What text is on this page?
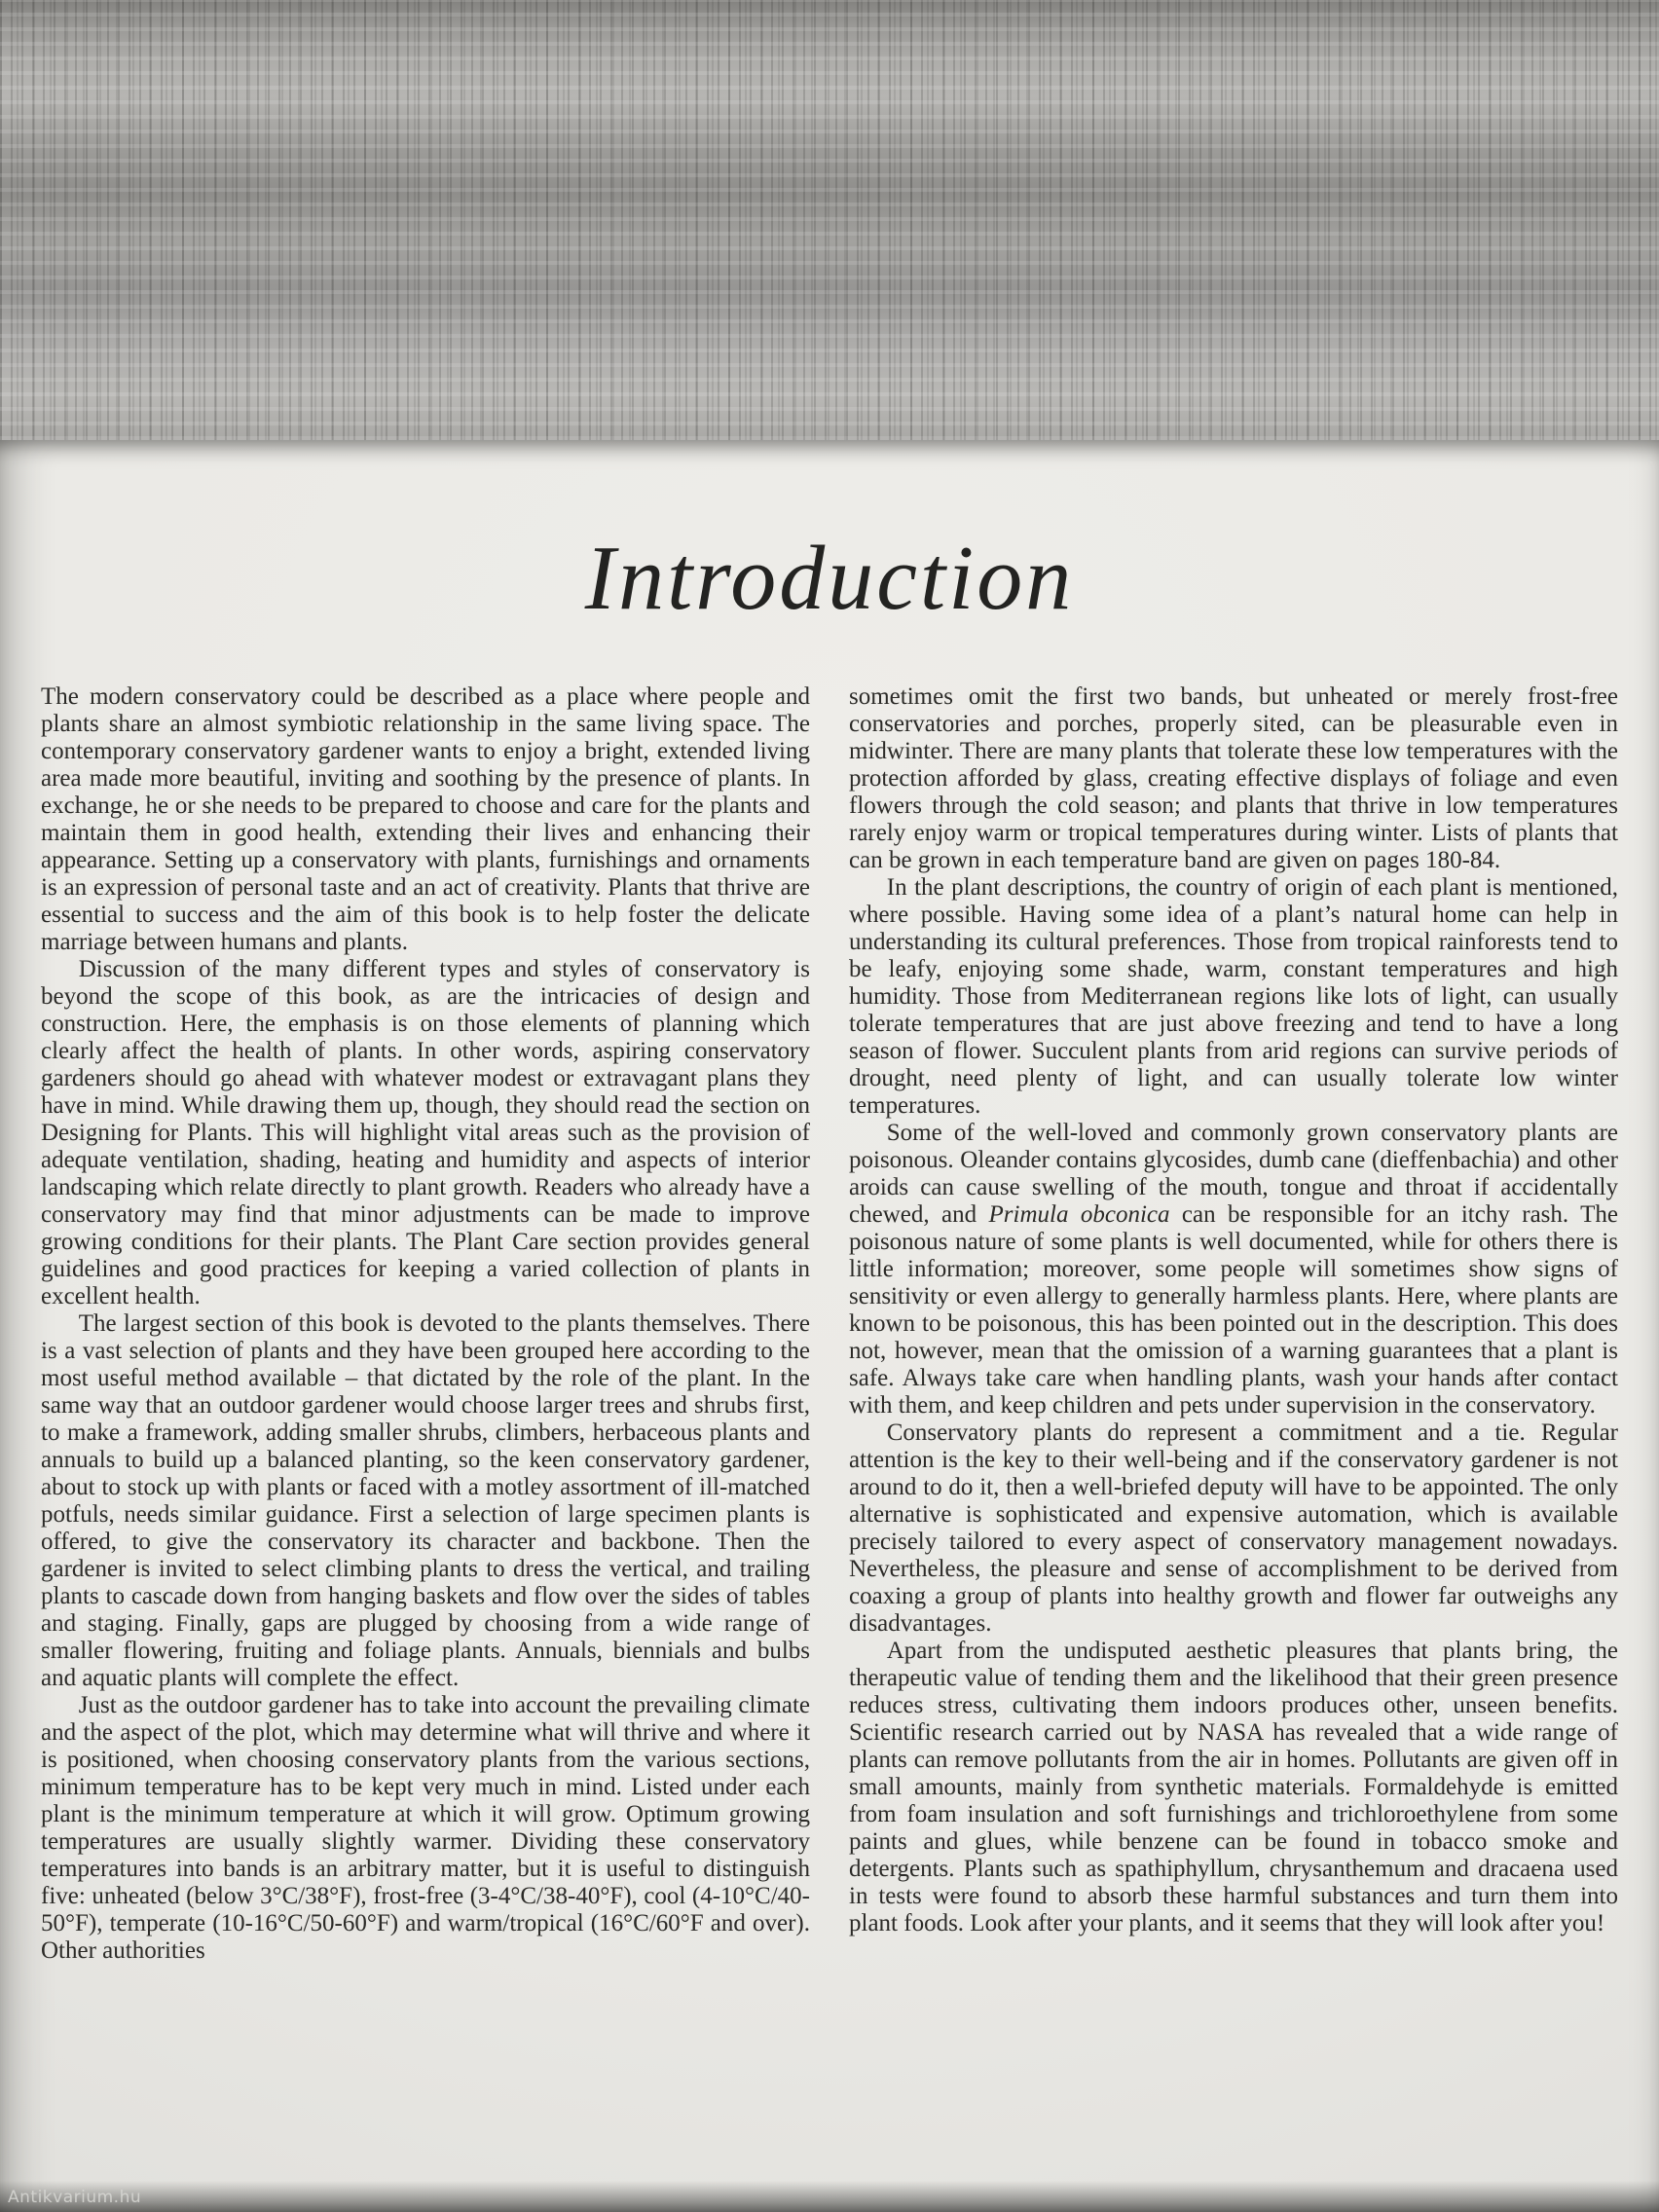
Introduction

The modern conservatory could be described as a place where people and plants share an almost symbiotic relationship in the same living space. The contemporary conservatory gardener wants to enjoy a bright, extended living area made more beautiful, inviting and soothing by the presence of plants. In exchange, he or she needs to be prepared to choose and care for the plants and maintain them in good health, extending their lives and enhancing their appearance. Setting up a conservatory with plants, furnishings and ornaments is an expression of personal taste and an act of creativity. Plants that thrive are essential to success and the aim of this book is to help foster the delicate marriage between humans and plants.

Discussion of the many different types and styles of conservatory is beyond the scope of this book, as are the intricacies of design and construction. Here, the emphasis is on those elements of planning which clearly affect the health of plants. In other words, aspiring conservatory gardeners should go ahead with whatever modest or extravagant plans they have in mind. While drawing them up, though, they should read the section on Designing for Plants. This will highlight vital areas such as the provision of adequate ventilation, shading, heating and humidity and aspects of interior landscaping which relate directly to plant growth. Readers who already have a conservatory may find that minor adjustments can be made to improve growing conditions for their plants. The Plant Care section provides general guidelines and good practices for keeping a varied collection of plants in excellent health.

The largest section of this book is devoted to the plants themselves. There is a vast selection of plants and they have been grouped here according to the most useful method available – that dictated by the role of the plant. In the same way that an outdoor gardener would choose larger trees and shrubs first, to make a framework, adding smaller shrubs, climbers, herbaceous plants and annuals to build up a balanced planting, so the keen conservatory gardener, about to stock up with plants or faced with a motley assortment of ill-matched potfuls, needs similar guidance. First a selection of large specimen plants is offered, to give the conservatory its character and backbone. Then the gardener is invited to select climbing plants to dress the vertical, and trailing plants to cascade down from hanging baskets and flow over the sides of tables and staging. Finally, gaps are plugged by choosing from a wide range of smaller flowering, fruiting and foliage plants. Annuals, biennials and bulbs and aquatic plants will complete the effect.

Just as the outdoor gardener has to take into account the prevailing climate and the aspect of the plot, which may determine what will thrive and where it is positioned, when choosing conservatory plants from the various sections, minimum temperature has to be kept very much in mind. Listed under each plant is the minimum temperature at which it will grow. Optimum growing temperatures are usually slightly warmer. Dividing these conservatory temperatures into bands is an arbitrary matter, but it is useful to distinguish five: unheated (below 3°C/38°F), frost-free (3-4°C/38-40°F), cool (4-10°C/40-50°F), temperate (10-16°C/50-60°F) and warm/tropical (16°C/60°F and over). Other authorities

sometimes omit the first two bands, but unheated or merely frost-free conservatories and porches, properly sited, can be pleasurable even in midwinter. There are many plants that tolerate these low temperatures with the protection afforded by glass, creating effective displays of foliage and even flowers through the cold season; and plants that thrive in low temperatures rarely enjoy warm or tropical temperatures during winter. Lists of plants that can be grown in each temperature band are given on pages 180-84.

In the plant descriptions, the country of origin of each plant is mentioned, where possible. Having some idea of a plant’s natural home can help in understanding its cultural preferences. Those from tropical rainforests tend to be leafy, enjoying some shade, warm, constant temperatures and high humidity. Those from Mediterranean regions like lots of light, can usually tolerate temperatures that are just above freezing and tend to have a long season of flower. Succulent plants from arid regions can survive periods of drought, need plenty of light, and can usually tolerate low winter temperatures.

Some of the well-loved and commonly grown conservatory plants are poisonous. Oleander contains glycosides, dumb cane (dieffenbachia) and other aroids can cause swelling of the mouth, tongue and throat if accidentally chewed, and Primula obconica can be responsible for an itchy rash. The poisonous nature of some plants is well documented, while for others there is little information; moreover, some people will sometimes show signs of sensitivity or even allergy to generally harmless plants. Here, where plants are known to be poisonous, this has been pointed out in the description. This does not, however, mean that the omission of a warning guarantees that a plant is safe. Always take care when handling plants, wash your hands after contact with them, and keep children and pets under supervision in the conservatory.

Conservatory plants do represent a commitment and a tie. Regular attention is the key to their well-being and if the conservatory gardener is not around to do it, then a well-briefed deputy will have to be appointed. The only alternative is sophisticated and expensive automation, which is available precisely tailored to every aspect of conservatory management nowadays. Nevertheless, the pleasure and sense of accomplishment to be derived from coaxing a group of plants into healthy growth and flower far outweighs any disadvantages.

Apart from the undisputed aesthetic pleasures that plants bring, the therapeutic value of tending them and the likelihood that their green presence reduces stress, cultivating them indoors produces other, unseen benefits. Scientific research carried out by NASA has revealed that a wide range of plants can remove pollutants from the air in homes. Pollutants are given off in small amounts, mainly from synthetic materials. Formaldehyde is emitted from foam insulation and soft furnishings and trichloroethylene from some paints and glues, while benzene can be found in tobacco smoke and detergents. Plants such as spathiphyllum, chrysanthemum and dracaena used in tests were found to absorb these harmful substances and turn them into plant foods. Look after your plants, and it seems that they will look after you!

Antikvarium.hu
